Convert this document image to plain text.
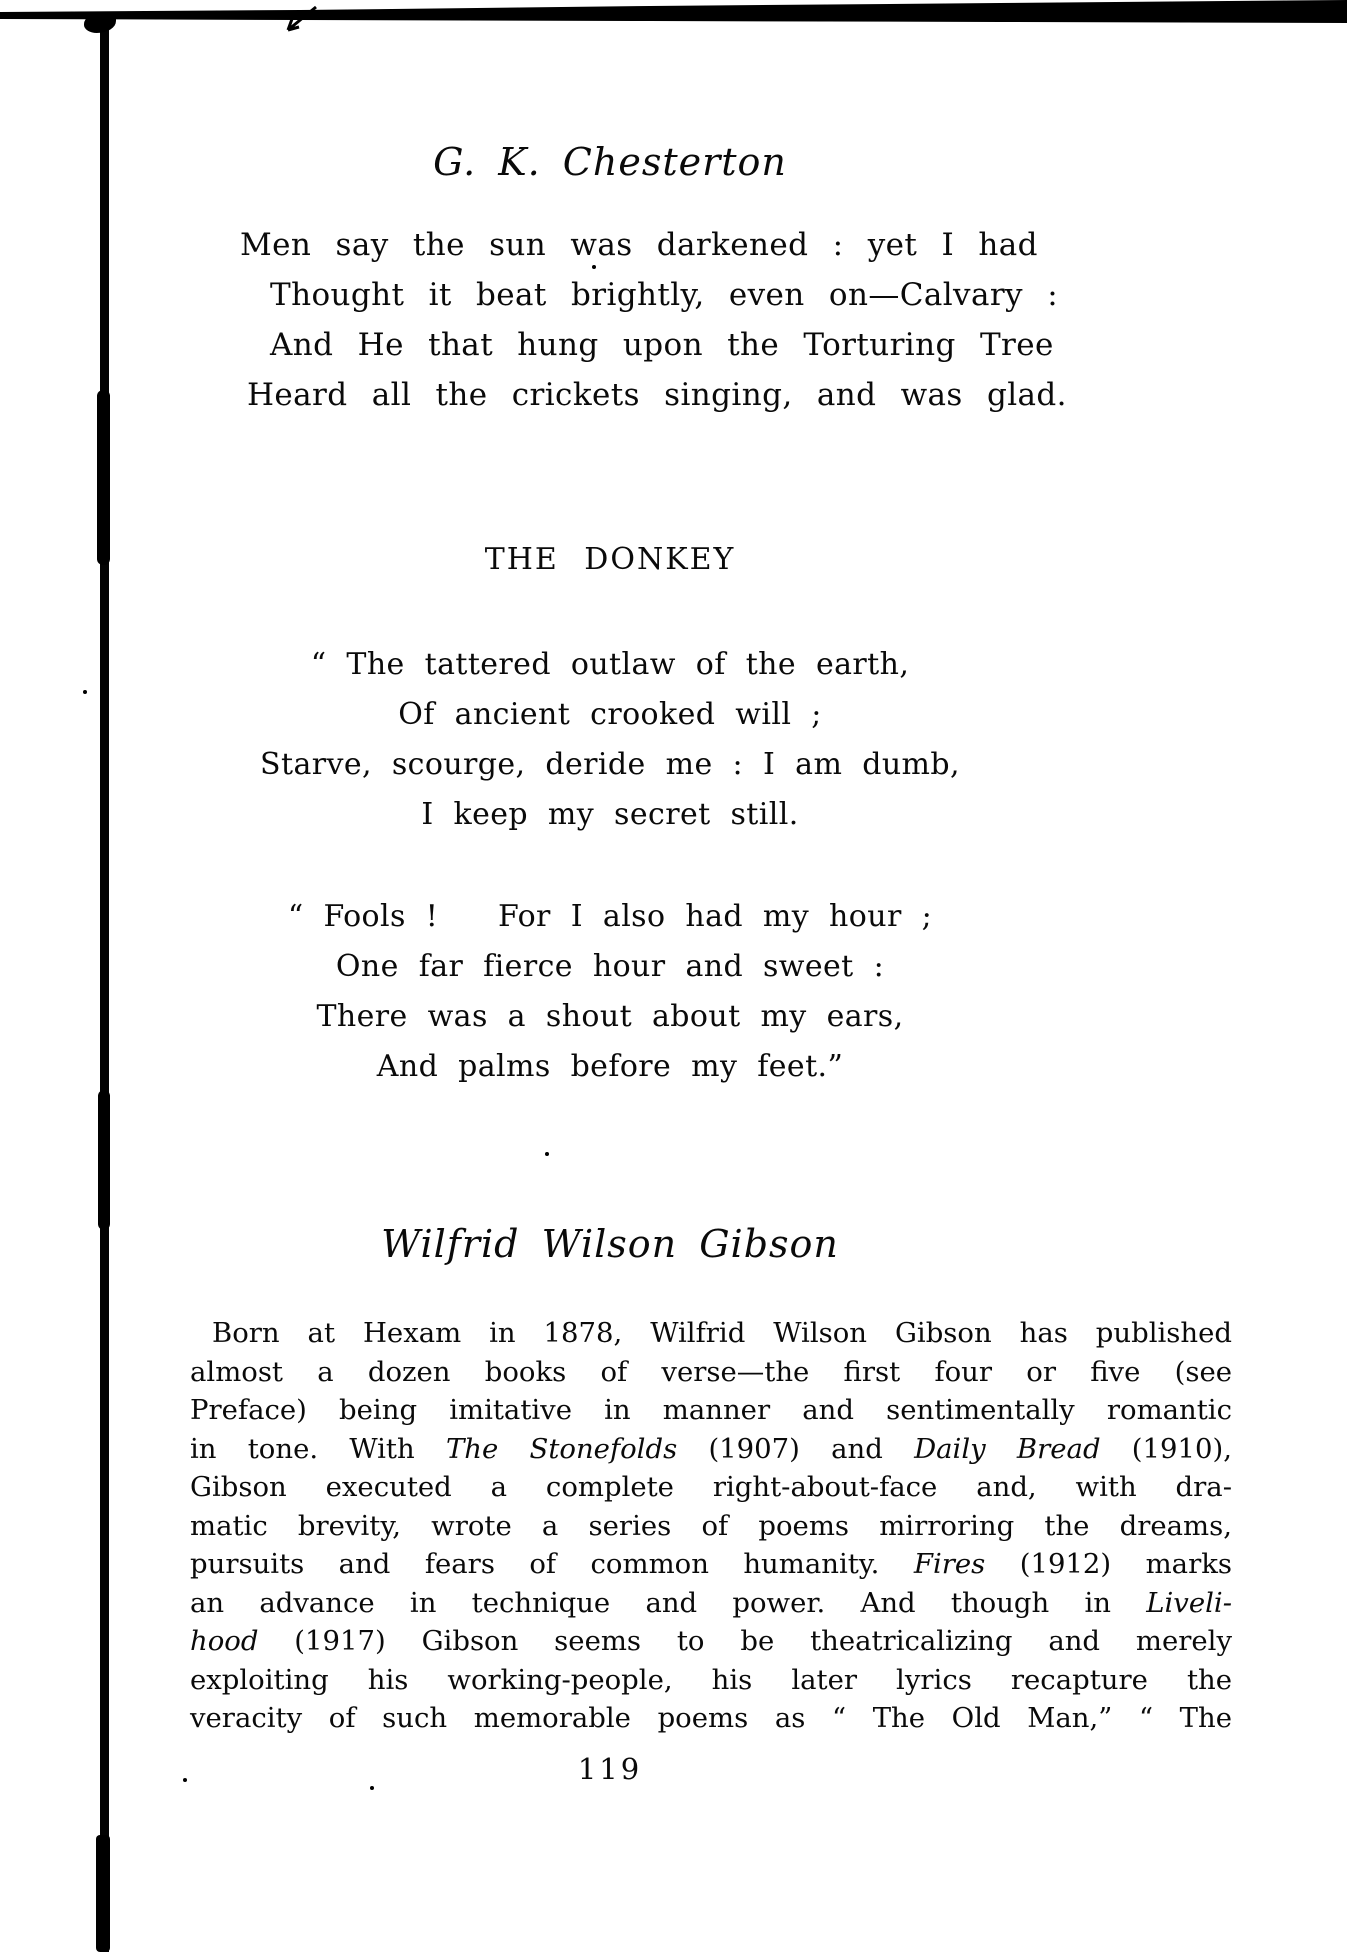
G. K. Chesterton
Men say the sun was darkened : yet I had
Thought it beat brightly, even on—Calvary :
And He that hung upon the Torturing Tree
Heard all the crickets singing, and was glad.
THE DONKEY
“ The tattered outlaw of the earth,
Of ancient crooked will ;
Starve, scourge, deride me : I am dumb,
I keep my secret still.
“ Fools !   For I also had my hour ;
One far fierce hour and sweet :
There was a shout about my ears,
And palms before my feet.”
Wilfrid Wilson Gibson
Born at Hexam in 1878, Wilfrid Wilson Gibson has published
almost a dozen books of verse—the first four or five (see
Preface) being imitative in manner and sentimentally romantic
in tone. With The Stonefolds (1907) and Daily Bread (1910),
Gibson executed a complete right-about-face and, with dra-
matic brevity, wrote a series of poems mirroring the dreams,
pursuits and fears of common humanity. Fires (1912) marks
an advance in technique and power. And though in Liveli-
hood (1917) Gibson seems to be theatricalizing and merely
exploiting his working-people, his later lyrics recapture the
veracity of such memorable poems as “ The Old Man,” “ The
119
